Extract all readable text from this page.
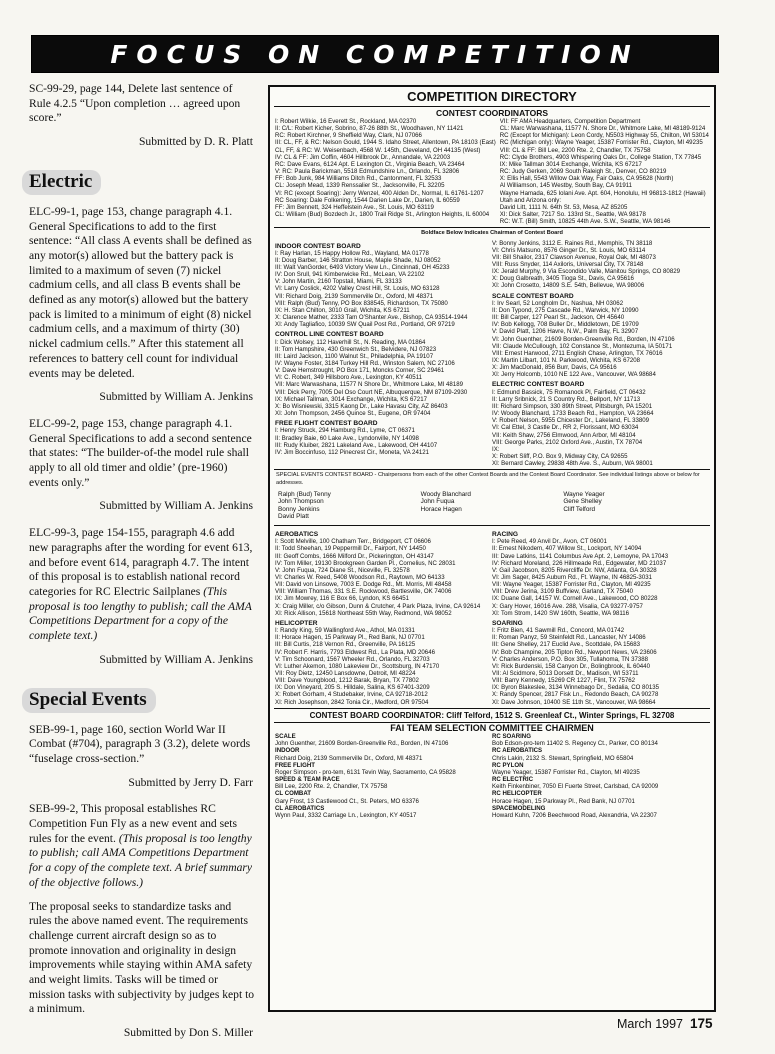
FOCUS ON COMPETITION

SC-99-29, page 144, Delete last sentence of Rule 4.2.5 “Upon completion … agreed upon score.”

Submitted by D. R. Platt
Electric

ELC-99-1, page 153, change paragraph 4.1. General Specifications to add to the first sentence: “All class A events shall be defined as any motor(s) allowed but the battery pack is limited to a maximum of seven (7) nickel cadmium cells, and all class B events shall be defined as any motor(s) allowed but the battery pack is limited to a minimum of eight (8) nickel cadmium cells, and a maximum of thirty (30) nickel cadmium cells.” After this statement all references to battery cell count for individual events may be deleted.

Submitted by William A. Jenkins

ELC-99-2, page 153, change paragraph 4.1. General Specifications to add a second sentence that states: “The builder-of-the model rule shall apply to all old timer and oldie’ (pre-1960) events only.”

Submitted by William A. Jenkins

ELC-99-3, page 154-155, paragraph 4.6 add new paragraphs after the wording for event 613, and before event 614, paragraph 4.7. The intent of this proposal is to establish national record categories for RC Electric Sailplanes (This proposal is too lengthy to publish; call the AMA Competitions Department for a copy of the complete text.)

Submitted by William A. Jenkins
Special Events

SEB-99-1, page 160, section World War II Combat (#704), paragraph 3 (3.2), delete words “fuselage cross-section.”

Submitted by Jerry D. Farr

SEB-99-2, This proposal establishes RC Competition Fun Fly as a new event and sets rules for the event. (This proposal is too lengthy to publish; call AMA Competitions Department for a copy of the complete text. A brief summary of the objective follows.)

The proposal seeks to standardize tasks and rules the above named event. The requirements challenge current aircraft design so as to promote innovation and originality in design improvements while staying within AMA safety and weight limits. Tasks will be timed or mission tasks with subjectivity by judges kept to a minimum.

Submitted by Don S. Miller
COMPETITION DIRECTORY
CONTEST COORDINATORS
I: Robert Wilkie, 16 Everett St., Rockland, MA 02370
II: C/L: Robert Kicher, Sobrino, 87-26 88th St., Woodhaven, NY 11421
RC: Robert Kirchner, 9 Sheffield Way, Clark, NJ 07066
III: CL, FF, & RC: Nelson Gould, 1944 S. Idaho Street, Allentown, PA 18103 (East)
CL, FF, & RC: W. Weisenbach, 4568 W. 145th, Cleveland, OH 44135 (West)
IV: CL & FF: Jim Coffin, 4604 Hillbrook Dr., Annandale, VA 22003
RC: Dave Evans, 6124 Apt. E Lexington Ct., Virginia Beach, VA 23464
V: RC: Paula Barickman, 5518 Edmundshire Ln., Orlando, FL 32806
FF: Bob Junk, 984 Williams Ditch Rd., Cantonment, FL 32533
CL: Joseph Mead, 1339 Renssalier St., Jacksonville, FL 32205
VI: RC (except Soaring): Jerry Wenzel, 400 Alden Dr., Normal, IL 61761-1207
RC Soaring: Dale Folkening, 1544 Darien Lake Dr., Darien, IL 60559
FF: Jim Bennett, 324 Heffelstein Ave., St. Louis, MO 63119
CL: William (Bud) Bozdech Jr., 1800 Trail Ridge St., Arlington Heights, IL 60004
VII: FF AMA Headquarters, Competition Department
CL: Marc Warwashana, 11577 N. Shore Dr., Whitmore Lake, MI 48189-9124
RC (Except for Michigan): Leon Cordy, N5503 Highway 55, Chilton, WI 53014
RC (Michigan only): Wayne Yeager, 15387 Forrister Rd., Clayton, MI 49235
VIII: CL & FF: Bill Lee, 2200 Rte. 2, Chandler, TX 75758
RC: Clyde Brothers, 4903 Whispering Oaks Dr., College Station, TX 77845
IX: Mike Tallman 3014 Exchange, Wichita, KS 67217
RC: Judy Gerken, 2069 South Raleigh St., Denver, CO 80219
X: Ellis Hall, 5543 Willow Oak Way, Fair Oaks, CA 95628 (North)
Al Williamson, 145 Westby, South Bay, CA 91911
Wayne Hamada, 625 Iolani Ave. Apt. 604, Honolulu, HI 96813-1812 (Hawaii)
Utah and Arizona only:
David Litt, 1111 N. 64th St. 53, Mesa, AZ 85205
XI: Dick Salter, 7217 So. 133rd St., Seattle, WA 98178
RC: W.T. (Bill) Smith, 10825 44th Ave. S.W., Seattle, WA 98146
Boldface Below Indicates Chairman of Contest Board
INDOOR CONTEST BOARD
I: Ray Harlan, 15 Happy Hollow Rd., Wayland, MA 01778
II: Doug Barber, 146 Stratton House, Maple Shade, NJ 08052
III: Walt VanGorder, 6493 Victory View Ln., Cincinnati, OH 45233
IV: Don Srull, 941 Kimberwicke Rd., McLean, VA 22102
V: John Martin, 2160 Topstail, Miami, FL 33133
VI: Larry Coslick, 4202 Valley Crest Hill, St. Louis, MO 63128
VII: Richard Doig, 2139 Sommerville Dr., Oxford, MI 48371
VIII: Ralph (Bud) Tenny, PO Box 838545, Richardson, TX 75080
IX: H. Stan Chilton, 3010 Grail, Wichita, KS 67211
X: Clarence Mather, 2333 Tam O'Shanter Ave., Bishop, CA 93514-1944
XI: Andy Tagliafico, 10039 SW Quail Post Rd., Portland, OR 97219
CONTROL LINE CONTEST BOARD
I: Dick Wolsey, 112 Haverhill St., N. Reading, MA 01864
II: Tom Hampshire, 430 Greenwich St., Belvidere, NJ 07823
III: Laird Jackson, 1100 Walnut St., Philadelphia, PA 19107
IV: Wayne Foster, 3184 Turkey Hill Rd., Winston Salem, NC 27106
V: Dave Hemstrought, PO Box 171, Moncks Corner, SC 29461
VI: C. Robert, 349 Hillsboro Ave., Lexington, KY 40511
VII: Marc Warwashana, 11577 N Shore Dr., Whitmore Lake, MI 48189
VIII: Dick Perry, 7005 Del Oso Court NE, Albuquerque, NM 87109-2930
IX: Michael Tallman, 3014 Exchange, Wichita, KS 67217
X: Bo Wisniewski, 3315 Kaong Dr., Lake Havasu City, AZ 86403
XI: John Thompson, 2456 Quince St., Eugene, OR 97404
FREE FLIGHT CONTEST BOARD
I: Henry Struck, 294 Hamburg Rd., Lyme, CT 06371
II: Bradley Baie, 60 Lake Ave., Lyndonville, NY 14098
III: Rudy Kluiber, 2821 Lakeland Ave., Lakewood, OH 44107
IV: Jim Boccinfuso, 112 Pinecrest Cir., Moneta, VA 24121
V: Bonny Jenkins, 3112 E. Raines Rd., Memphis, TN 38118
VI: Chris Matsuno, 8576 Ginger Dr., St. Louis, MO 63114
VII: Bill Shailor, 2317 Clawson Avenue, Royal Oak, MI 48073
VIII: Russ Snyder, 114 Axiloris, Universal City, TX 78148
IX: Jerald Murphy, 9 Via Escondido Valle, Manitou Springs, CO 80829
X: Doug Galbreath, 3405 Tioga St., Davis, CA 95616
XI: John Crosetto, 14809 S.E. 54th, Bellevue, WA 98006
SCALE CONTEST BOARD
I: Irv Searl, 52 Longholm Dr., Nashua, NH 03062
II: Don Typond, 275 Cascade Rd., Warwick, NY 10990
III: Bill Carper, 127 Pearl St., Jackson, OH 45640
IV: Bob Kellogg, 708 Buller Dr., Middletown, DE 19709
V: David Platt, 1206 Havre, N.W., Palm Bay, FL 32907
VI: John Guenther, 21609 Borden-Greenville Rd., Borden, IN 47106
VII: Claude McCullough, 102 Constance St., Montezuma, IA 50171
VIII: Ernest Harwood, 2711 English Chase, Arlington, TX 76016
IX: Martin Lilbart, 101 N. Parkwood, Wichita, KS 67208
X: Jim MacDonald, 856 Burr, Davis, CA 95616
XI: Jerry Holcomb, 1010 NE 122 Ave., Vancouver, WA 98684
ELECTRIC CONTEST BOARD
I: Edmund Bassick, 75 Romanock Pl, Fairfield, CT 06432
II: Larry Sribnick, 21 S Country Rd., Bellport, NY 11713
III: Richard Simpson, 330 89th Street, Pittsburgh, PA 15201
IV: Woody Blanchard, 1733 Beach Rd., Hampton, VA 23664
V: Robert Nelson, 5955 Chicester Dr., Lakeland, FL 33809
VI: Cal Ettel, 3 Castle Dr., RR 2, Florissant, MO 63034
VII: Keith Shaw, 2756 Elmwood, Ann Arbor, MI 48104
VIII: George Parks, 2102 Oxford Ave., Austin, TX 78704
IX:
X: Robert Sliff, P.O. Box 9, Midway City, CA 92655
XI: Bernard Cawley, 29838 48th Ave. S., Auburn, WA 98001
SPECIAL EVENTS CONTEST BOARD - Chairpersons from each of the other Contest Boards and the Contest Board Coordinator. See individual listings above or below for addresses.
Ralph (Bud) Tenny	Woody Blanchard	Wayne Yeager
John Thompson	John Fuqua	Gene Shelley
Bonny Jenkins	Horace Hagen	Cliff Telford
David Platt
AEROBATICS
I: Scott Melville, 100 Chatham Terr., Bridgeport, CT 06606
II: Todd Sheehan, 19 Peppermill Dr., Fairport, NY 14450
III: Geoff Combs, 1666 Milford Dr., Pickerington, OH 43147
IV: Tom Miller, 19130 Brookgreen Garden Pl., Cornelius, NC 28031
V: John Fuqua, 724 Diane St., Niceville, FL 32578
VI: Charles W. Reed, 5408 Woodson Rd., Raytown, MO 64133
VII: David von Linsowe, 7003 E. Dodge Rd., Mt. Morris, MI 48458
VIII: William Thomas, 331 S.E. Rockwood, Bartlesville, OK 74006
IX: Jim Mowrey, 116 E Box 66, Lyndon, KS 66451
X: Craig Miller, c/o Gibson, Dunn & Crutcher, 4 Park Plaza, Irvine, CA 92614
XI: Rick Allison, 15618 Northeast 55th Way, Redmond, WA 98052
HELICOPTER
I: Randy King, 59 Wallingford Ave., Athol, MA 01331
II: Horace Hagen, 15 Parkway Pl., Red Bank, NJ 07701
III: Bill Curtis, 218 Vernon Rd., Greenville, PA 16125
IV: Robert F. Harris, 7793 Eldwest Rd., La Plata, MD 20646
V: Tim Schoonard, 1567 Wheeler Rd., Orlando, FL 32703
VI: Luther Akemon, 1080 Lakeview Dr., Scottsburg, IN 47170
VII: Roy Dietz, 12450 Lansdowne, Detroit, MI 48224
VIII: Dave Youngblood, 1212 Barak, Bryan, TX 77802
IX: Don Vineyard, 205 S. Hilldale, Salina, KS 67401-3209
X: Robert Gorham, 4 Studebaker, Irvine, CA 92718-2012
XI: Rich Josephson, 2842 Tonia Cir., Medford, OR 97504
RACING
I: Pete Reed, 49 Anvil Dr., Avon, CT 06001
II: Ernest Nikodem, 407 Willow St., Lockport, NY 14094
III: Dave Latkins, 1141 Columbus Ave Apt. 2, Lemoyne, PA 17043
IV: Richard Moreland, 226 Hillmeade Rd., Edgewater, MD 21037
V: Gail Jacobson, 8205 Rivercliffe Dr. NW, Atlanta, GA 30328
VI: Jim Sager, 8425 Auburn Rd., Ft. Wayne, IN 46825-3031
VII: Wayne Yeager, 15387 Forrister Rd., Clayton, MI 49235
VIII: Drew Jerina, 3109 Buffview, Garland, TX 75040
IX: Duane Gall, 14157 W. Cornell Ave., Lakewood, CO 80228
X: Gary Hover, 16016 Ave. 288, Visalia, CA 93277-9757
XI: Tom Strom, 1420 SW 160th, Seattle, WA 98116
SOARING
I: Fritz Bien, 41 Sawmill Rd., Concord, MA 01742
II: Roman Panyz, 59 Steinfeldt Rd., Lancaster, NY 14086
III: Gene Shelley, 217 Euclid Ave., Scottdale, PA 15683
IV: Bob Champine, 205 Tipton Rd., Newport News, VA 23606
V: Charles Anderson, P.O. Box 305, Tullahoma, TN 37388
VI: Rick Burdenski, 158 Canyon Dr., Bolingbrook, IL 60440
VII: Al Scidmore, 5013 Dorsett Dr., Madison, WI 53711
VIII: Barry Kennedy, 15269 CR 1227, Flint, TX 75762
IX: Byron Blakeslee, 3134 Winnebago Dr., Sedalia, CO 80135
X: Randy Spencer, 2817 Fisk Ln., Redondo Beach, CA 90278
XI: Dave Johnson, 10400 SE 11th St., Vancouver, WA 98664
CONTEST BOARD COORDINATOR: Cliff Telford, 1512 S. Greenleaf Ct., Winter Springs, FL 32708
FAI TEAM SELECTION COMMITTEE CHAIRMEN
SCALE
John Guenther, 21609 Borden-Greenville Rd., Borden, IN 47106
INDOOR
Richard Doig, 2139 Sommerville Dr., Oxford, MI 48371
FREE FLIGHT
Roger Simpson - pro-tem, 6131 Tevin Way, Sacramento, CA 95828
SPEED & TEAM RACE
Bill Lee, 2200 Rte. 2, Chandler, TX 75758
CL COMBAT
Gary Frost, 13 Castlewood Ct., St. Peters, MO 63376
CL AEROBATICS
Wynn Paul, 3332 Carriage Ln., Lexington, KY 40517
RC SOARING
Bob Edson-pro-tem 11402 S. Regency Ct., Parker, CO 80134
RC AEROBATICS
Chris Lakin, 2132 S. Stewart, Springfield, MO 65804
RC PYLON
Wayne Yeager, 15387 Forrister Rd., Clayton, MI 49235
RC ELECTRIC
Keith Finkenbiner, 7050 El Fuerte Street, Carlsbad, CA 92009
RC HELICOPTER
Horace Hagen, 15 Parkway Pl., Red Bank, NJ 07701
SPACEMODELING
Howard Kuhn, 7206 Beechwood Road, Alexandria, VA 22307
March 1997 175
